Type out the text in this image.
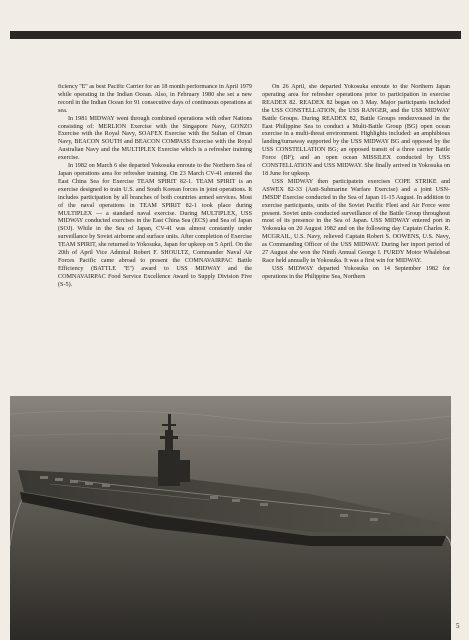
ficiency ''E'' as best Pacific Carrier for an 18 month performance in April 1979 while operating in the Indian Ocean. Also, in February 1980 she set a new record in the Indian Ocean for 91 consecutive days of continuous operations at sea.

In 1981 MIDWAY went through combined operations with other Nations consisting of: MERLION Exercise with the Singapore Navy, GONZO Exercise with the Royal Navy, SOAFEX Exercise with the Sultan of Oman Navy, BEACON SOUTH and BEACON COMPASS Exercise with the Royal Australian Navy and the MULTIPLEX Exercise which is a refresher training exercise.

In 1982 on March 6 she departed Yokosuka enroute to the Northern Sea of Japan operations area for refresher training. On 23 March CV-41 entered the East China Sea for Exercise TEAM SPIRIT 82-1. TEAM SPIRIT is an exercise designed to train U.S. and South Korean forces in joint operations. It includes participation by all branches of both countries armed services. Most of the naval operations in TEAM SPIRIT 82-1 took place during MULTIPLEX — a standard naval exercise. During MULTIPLEX, USS MIDWAY conducted exercises in the East China Sea (ECS) and Sea of Japan (SOJ). While in the Sea of Japan, CV-41 was almost constantly under surveillance by Soviet airborne and surface units. After completion of Exercise TEAM SPIRIT, she returned to Yokosuka, Japan for upkeep on 5 April. On the 20th of April Vice Admiral Robert F. SHOULTZ, Commander Naval Air Forces Pacific came abroad to present the COMNAVAIRPAC Battle Efficiency (BATTLE ''E'') award to USS MIDWAY and the COMNAVAIRPAC Food Service Excellence Award to Supply Division Five (S-5).

On 26 April, she departed Yokosuka enroute to the Northern Japan operating area for refresher operations prior to participation in exercise READEX 82. READEX 82 began on 3 May. Major participants included the USS CONSTELLATION, the USS RANGER, and the USS MIDWAY Battle Groups. During READEX 82, Battle Groups rendezvoused in the East Philippine Sea to conduct a Multi-Battle Group (BG) open ocean exercise in a multi-threat environment. Highlights included: an amphibious landing/turnaway supported by the USS MIDWAY BG and opposed by the USS CONSTELLATION BG; an opposed transit of a three carrier Battle Force (BF); and an open ocean MISSILEX conducted by USS CONSTELLATION and USS MIDWAY. She finally arrived in Yokosuka on 18 June for upkeep.

USS MIDWAY then participatein exercises COPE STRIKE and ASWEX 82-33 (Anti-Submarine Warfare Exercise) and a joint USN-JMSDF Exercise conducted in the Sea of Japan 11-15 August. In addition to exercise participants, units of the Soviet Pacific Fleet and Air Force were present. Soviet units conducted surveillance of the Battle Group throughout most of its presence in the Sea of Japan. USS MIDWAY entered port in Yokosuka on 20 August 1982 and on the following day Captain Charles R. MCGRAIL, U.S. Navy, relieved Captain Robert S. OOWENS, U.S. Navy, as Commanding Officer of the USS MIDWAY. During her inport period of 27 August she won the Ninth Annual George I. FURDY Motor Whaleboat Race held annually in Yokosuka. It was a first win for MIDWAY.

USS MIDWAY departed Yokosuka on 14 September 1982 for operations in the Philippine Sea, Northern

5
